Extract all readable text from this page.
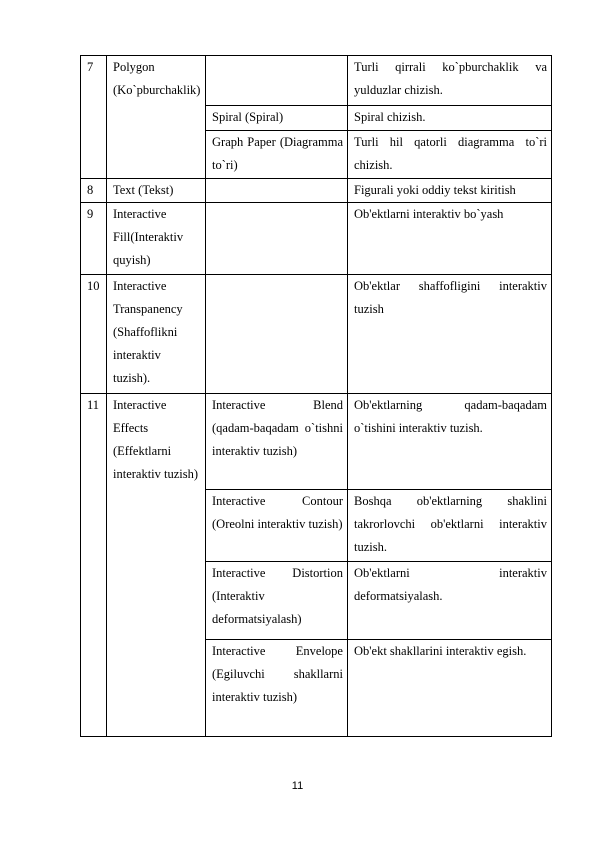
7	Polygon (Ko`pburchaklik)		Turli qirrali ko`pburchaklik va yulduzlar chizish.
		Spiral (Spiral)	Spiral chizish.
		Graph Paper (Diagramma to`ri)	Turli hil qatorli diagramma to`ri chizish.
8	Text (Tekst)		Figurali yoki oddiy tekst kiritish
9	Interactive Fill(Interaktiv quyish)		Ob'ektlarni interaktiv bo`yash
10	Interactive Transpanency (Shaffoflikni interaktiv tuzish).		Ob'ektlar shaffofligini interaktiv tuzish
11	Interactive Effects (Effektlarni interaktiv tuzish)	Interactive Blend (qadam-baqadam o`tishni interaktiv tuzish)	Ob'ektlarning qadam-baqadam o`tishini interaktiv tuzish.
		Interactive Contour (Oreolni interaktiv tuzish)	Boshqa ob'ektlarning shaklini takrorlovchi ob'ektlarni interaktiv tuzish.
		Interactive Distortion (Interaktiv deformatsiyalash)	Ob'ektlarni interaktiv deformatsiyalash.
		Interactive Envelope (Egiluvchi shakllarni interaktiv tuzish)	Ob'ekt shakllarini interaktiv egish.
11
